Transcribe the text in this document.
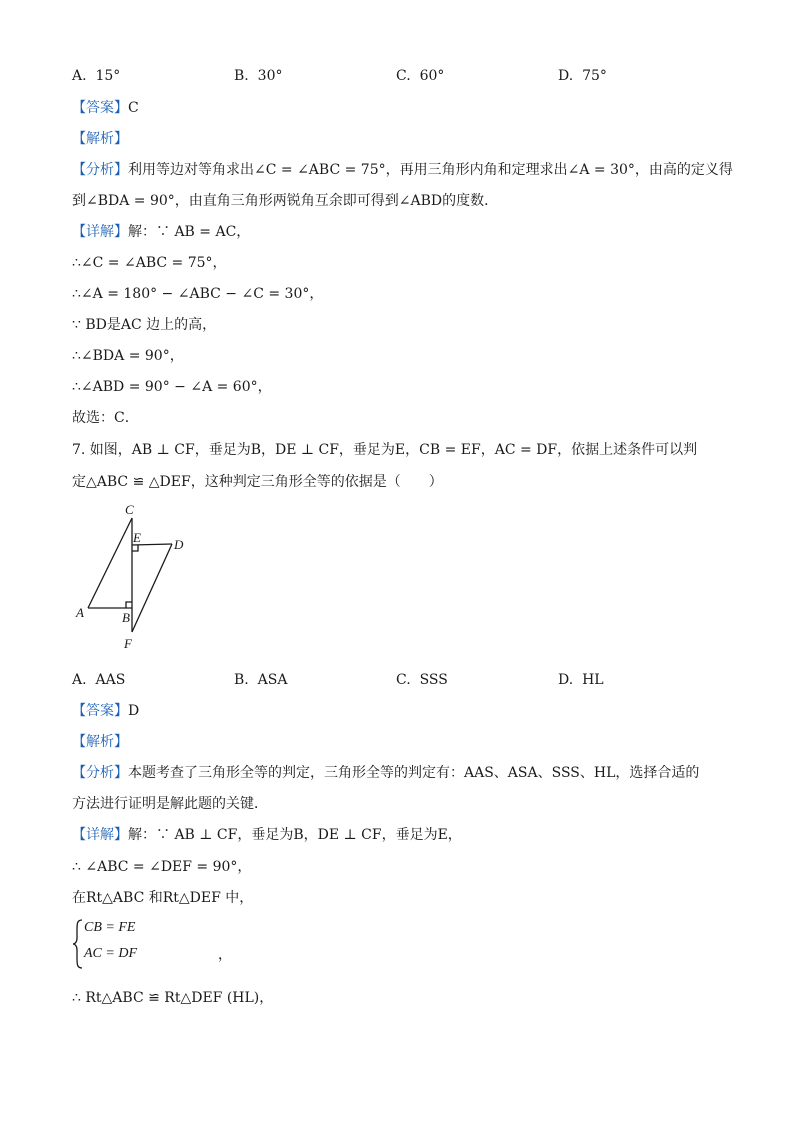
A. 15°	B. 30°	C. 60°	D. 75°
【答案】C
【解析】
【分析】利用等边对等角求出∠C = ∠ABC = 75°，再用三角形内角和定理求出∠A = 30°，由高的定义得
到∠BDA = 90°，由直角三角形两锐角互余即可得到∠ABD的度数．
【详解】解：∵ AB = AC，
∴∠C = ∠ABC = 75°，
∴∠A = 180° − ∠ABC − ∠C = 30°，
∵ BD是AC 边上的高，
∴∠BDA = 90°，
∴∠ABD = 90° − ∠A = 60°，
故选：C．
7. 如图，AB ⊥ CF，垂足为B，DE ⊥ CF，垂足为E，CB = EF，AC = DF，依据上述条件可以判
定△ABC ≌ △DEF，这种判定三角形全等的依据是（　　）
C
E	D
A	B
F
A. AAS	B. ASA	C. SSS	D. HL
【答案】D
【解析】
【分析】本题考查了三角形全等的判定，三角形全等的判定有：AAS、ASA、SSS、HL，选择合适的
方法进行证明是解此题的关键．
【详解】解：∵ AB ⊥ CF，垂足为B，DE ⊥ CF，垂足为E，
∴ ∠ABC = ∠DEF = 90°，
在Rt△ABC 和Rt△DEF 中，
CB = FE
AC = DF	，
∴ Rt△ABC ≌ Rt△DEF (HL)，
